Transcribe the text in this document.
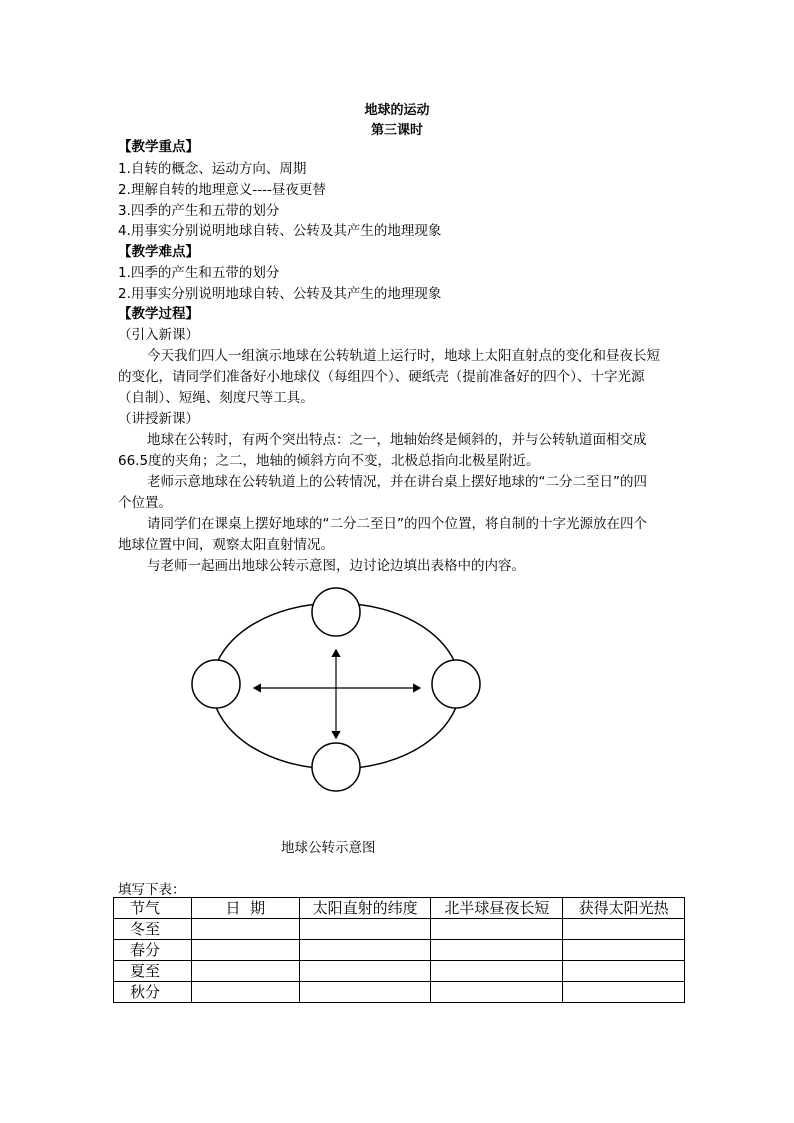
地球的运动
第三课时
【教学重点】
1.自转的概念、运动方向、周期
2.理解自转的地理意义----昼夜更替
3.四季的产生和五带的划分
4.用事实分别说明地球自转、公转及其产生的地理现象
【教学难点】
1.四季的产生和五带的划分
2.用事实分别说明地球自转、公转及其产生的地理现象
【教学过程】
（引入新课）
今天我们四人一组演示地球在公转轨道上运行时，地球上太阳直射点的变化和昼夜长短
的变化，请同学们准备好小地球仪（每组四个）、硬纸壳（提前准备好的四个）、十字光源
（自制）、短绳、刻度尺等工具。
（讲授新课）
地球在公转时，有两个突出特点：之一，地轴始终是倾斜的，并与公转轨道面相交成
66.5度的夹角；之二，地轴的倾斜方向不变，北极总指向北极星附近。
老师示意地球在公转轨道上的公转情况，并在讲台桌上摆好地球的“二分二至日”的四
个位置。
请同学们在课桌上摆好地球的“二分二至日”的四个位置，将自制的十字光源放在四个
地球位置中间，观察太阳直射情况。
与老师一起画出地球公转示意图，边讨论边填出表格中的内容。
地球公转示意图
填写下表：
节气	日  期	太阳直射的纬度	北半球昼夜长短	获得太阳光热
冬至				
春分				
夏至				
秋分				
